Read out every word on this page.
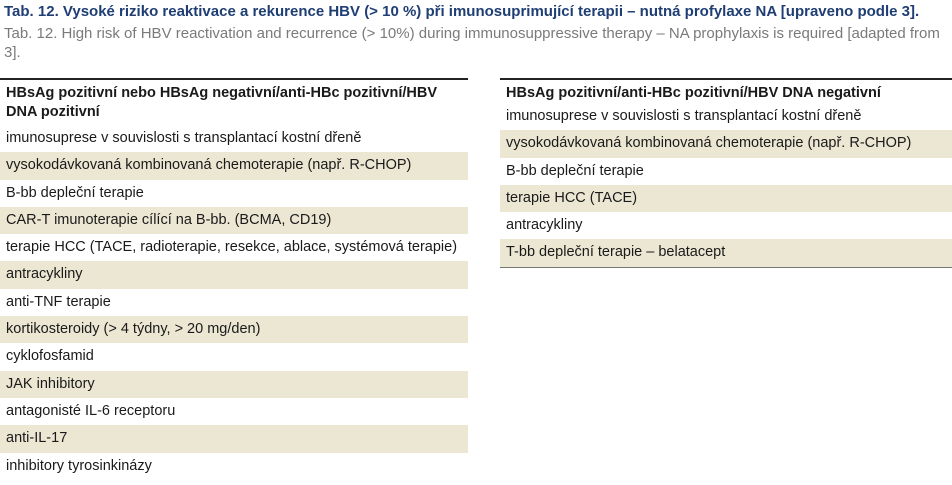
Tab. 12. Vysoké riziko reaktivace a rekurence HBV (> 10 %) při imunosuprimující terapii – nutná profylaxe NA [upraveno podle 3].

Tab. 12. High risk of HBV reactivation and recurrence (> 10%) during immunosuppressive therapy – NA prophylaxis is required [adapted from 3].

HBsAg pozitivní nebo HBsAg negativní/anti-HBc pozitivní/HBV DNA pozitivní
imunosuprese v souvislosti s transplantací kostní dřeně
vysokodávkovaná kombinovaná chemoterapie (např. R-CHOP)
B-bb depleční terapie
CAR-T imunoterapie cílící na B-bb. (BCMA, CD19)
terapie HCC (TACE, radioterapie, resekce, ablace, systémová terapie)
antracykliny
anti-TNF terapie
kortikosteroidy (> 4 týdny, > 20 mg/den)
cyklofosfamid
JAK inhibitory
antagonisté IL-6 receptoru
anti-IL-17
inhibitory tyrosinkinázy
HBsAg pozitivní/anti-HBc pozitivní/HBV DNA negativní
imunosuprese v souvislosti s transplantací kostní dřeně
vysokodávkovaná kombinovaná chemoterapie (např. R-CHOP)
B-bb depleční terapie
terapie HCC (TACE)
antracykliny
T-bb depleční terapie – belatacept
